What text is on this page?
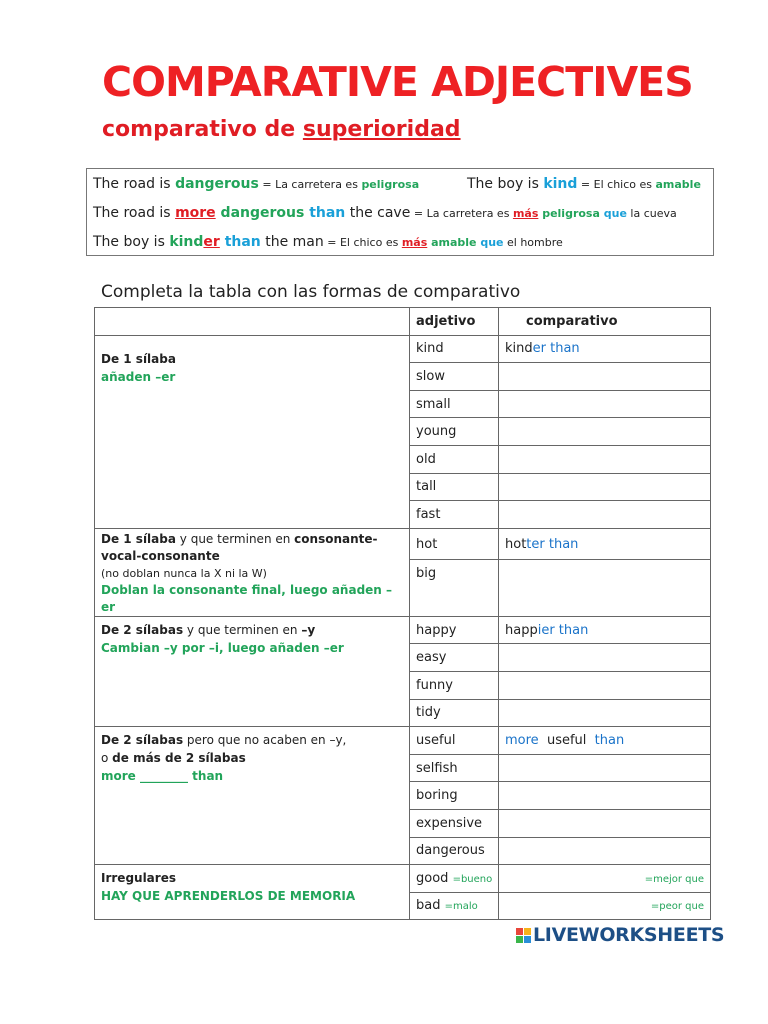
COMPARATIVE ADJECTIVES
comparativo de superioridad
The road is dangerous = La carretera es peligrosa	The boy is kind = El chico es amable
The road is more dangerous than the cave = La carretera es más peligrosa que la cueva
The boy is kinder than the man = El chico es más amable que el hombre
Completa la tabla con las formas de comparativo
	adjetivo	comparativo
De 1 sílaba
añaden –er	kind	kinder than
	slow	
	small	
	young	
	old	
	tall	
	fast	
De 1 sílaba y que terminen en consonante-vocal-consonante
(no doblan nunca la X ni la W)
Doblan la consonante final, luego añaden –er	hot	hotter than
	big	
De 2 sílabas y que terminen en –y
Cambian –y por –i, luego añaden –er	happy	happier than
	easy	
	funny	
	tidy	
De 2 sílabas pero que no acaben en –y,
o de más de 2 sílabas
more ________ than	useful	more  useful  than
	selfish	
	boring	
	expensive	
	dangerous	
Irregulares
HAY QUE APRENDERLOS DE MEMORIA	good =bueno	=mejor que
	bad =malo	=peor que
LIVEWORKSHEETS
